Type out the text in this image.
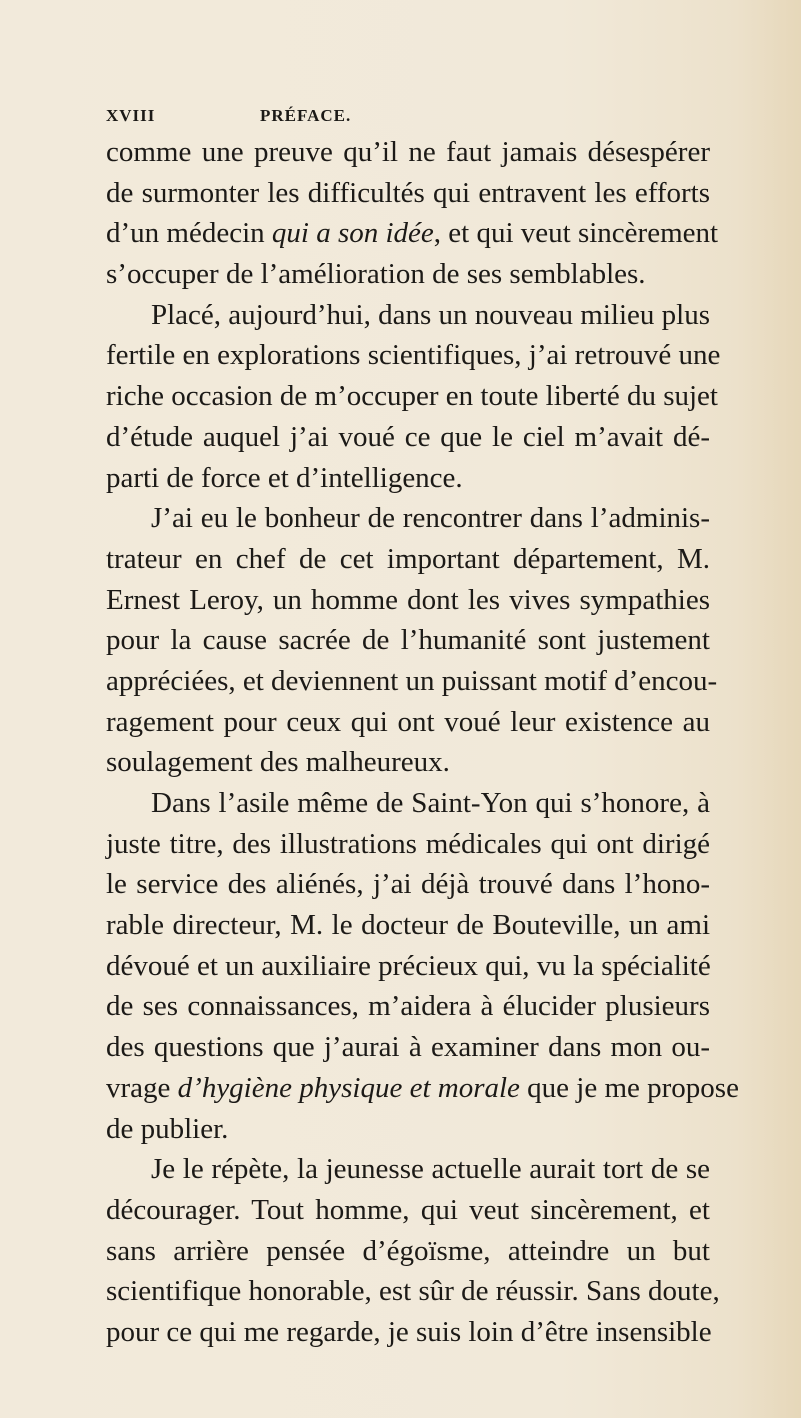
XVIII	PRÉFACE.
comme une preuve qu’il ne faut jamais désespérer
de surmonter les difficultés qui entravent les efforts
d’un médecin qui a son idée, et qui veut sincèrement
s’occuper de l’amélioration de ses semblables.
Placé, aujourd’hui, dans un nouveau milieu plus
fertile en explorations scientifiques, j’ai retrouvé une
riche occasion de m’occuper en toute liberté du sujet
d’étude auquel j’ai voué ce que le ciel m’avait dé-
parti de force et d’intelligence.
J’ai eu le bonheur de rencontrer dans l’adminis-
trateur en chef de cet important département, M.
Ernest Leroy, un homme dont les vives sympathies
pour la cause sacrée de l’humanité sont justement
appréciées, et deviennent un puissant motif d’encou-
ragement pour ceux qui ont voué leur existence au
soulagement des malheureux.
Dans l’asile même de Saint-Yon qui s’honore, à
juste titre, des illustrations médicales qui ont dirigé
le service des aliénés, j’ai déjà trouvé dans l’hono-
rable directeur, M. le docteur de Bouteville, un ami
dévoué et un auxiliaire précieux qui, vu la spécialité
de ses connaissances, m’aidera à élucider plusieurs
des questions que j’aurai à examiner dans mon ou-
vrage d’hygiène physique et morale que je me propose
de publier.
Je le répète, la jeunesse actuelle aurait tort de se
décourager. Tout homme, qui veut sincèrement, et
sans arrière pensée d’égoïsme, atteindre un but
scientifique honorable, est sûr de réussir. Sans doute,
pour ce qui me regarde, je suis loin d’être insensible
